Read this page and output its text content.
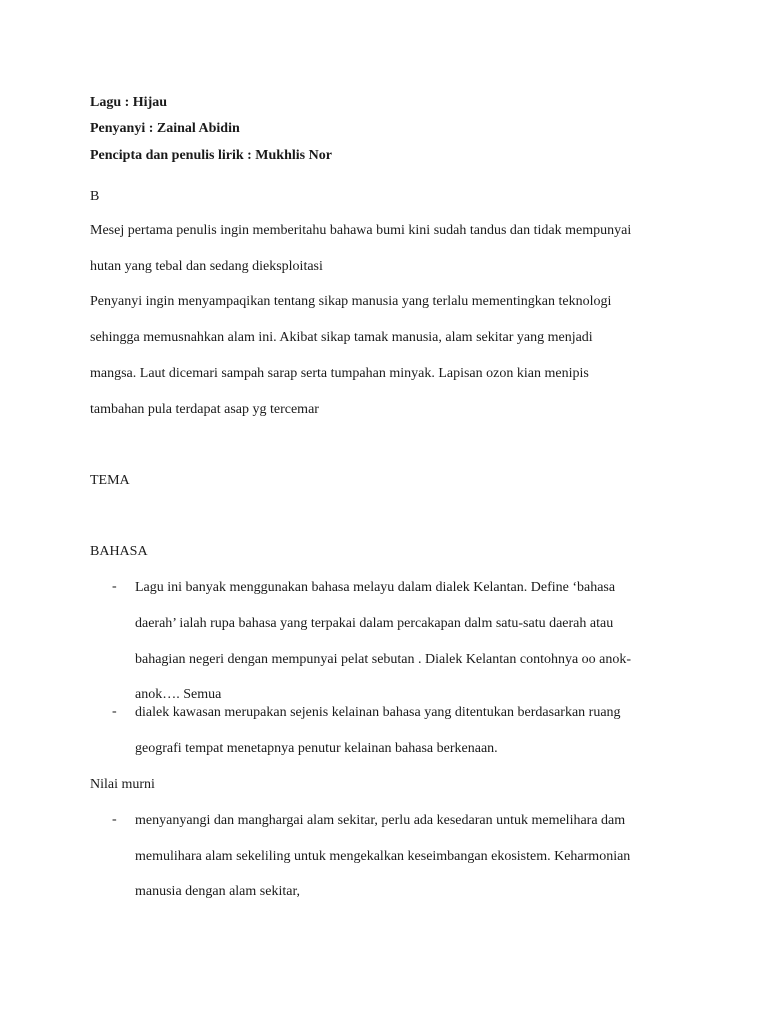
Lagu : Hijau
Penyanyi : Zainal Abidin
Pencipta dan penulis lirik : Mukhlis Nor
B
Mesej pertama penulis ingin memberitahu bahawa bumi kini sudah tandus dan tidak mempunyai
hutan yang tebal dan sedang dieksploitasi
Penyanyi ingin menyampaqikan tentang sikap manusia yang terlalu mementingkan teknologi
sehingga memusnahkan alam ini. Akibat sikap tamak manusia, alam sekitar yang menjadi
mangsa. Laut dicemari sampah sarap serta tumpahan minyak. Lapisan ozon kian menipis
tambahan pula terdapat asap yg tercemar
TEMA
BAHASA
- Lagu ini banyak menggunakan bahasa melayu dalam dialek Kelantan. Define ‘bahasa
daerah’ ialah rupa bahasa yang terpakai dalam percakapan dalm satu-satu daerah atau
bahagian negeri dengan mempunyai pelat sebutan . Dialek Kelantan contohnya oo anok-
anok…. Semua
- dialek kawasan merupakan sejenis kelainan bahasa yang ditentukan berdasarkan ruang
geografi tempat menetapnya penutur kelainan bahasa berkenaan.
Nilai murni
- menyanyangi dan manghargai alam sekitar, perlu ada kesedaran untuk memelihara dam
memulihara alam sekeliling untuk mengekalkan keseimbangan ekosistem. Keharmonian
manusia dengan alam sekitar,
